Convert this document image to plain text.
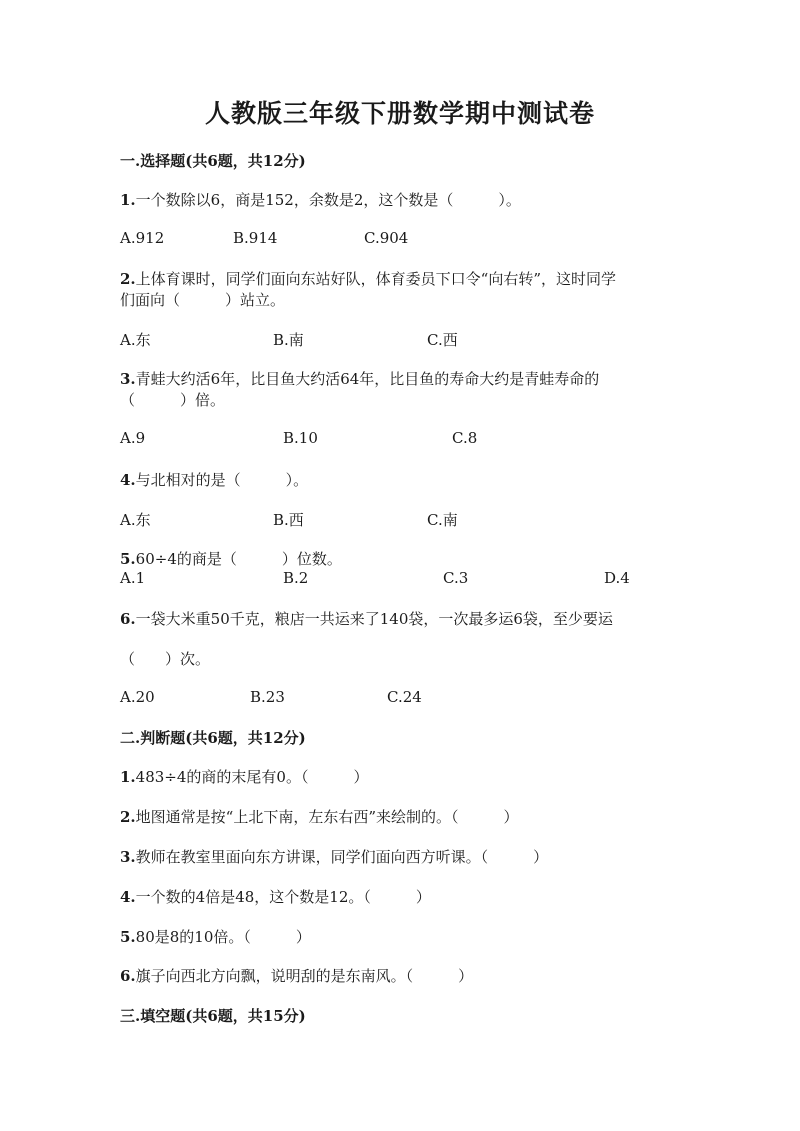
人教版三年级下册数学期中测试卷
一.选择题(共6题，共12分)
1.一个数除以6，商是152，余数是2，这个数是（　　　）。
A.912	B.914	C.904
2.上体育课时，同学们面向东站好队，体育委员下口令“向右转”，这时同学
们面向（　　　）站立。
A.东	B.南	C.西
3.青蛙大约活6年，比目鱼大约活64年，比目鱼的寿命大约是青蛙寿命的
（　　　）倍。
A.9	B.10	C.8
4.与北相对的是（　　　）。
A.东	B.西	C.南
5.60÷4的商是（　　　）位数。
A.1	B.2	C.3	D.4
6.一袋大米重50千克，粮店一共运来了140袋，一次最多运6袋，至少要运
（　　）次。
A.20	B.23	C.24
二.判断题(共6题，共12分)
1.483÷4的商的末尾有0。（　　　）
2.地图通常是按“上北下南，左东右西”来绘制的。（　　　）
3.教师在教室里面向东方讲课，同学们面向西方听课。（　　　）
4.一个数的4倍是48，这个数是12。（　　　）
5.80是8的10倍。（　　　）
6.旗子向西北方向飘，说明刮的是东南风。（　　　）
三.填空题(共6题，共15分)
